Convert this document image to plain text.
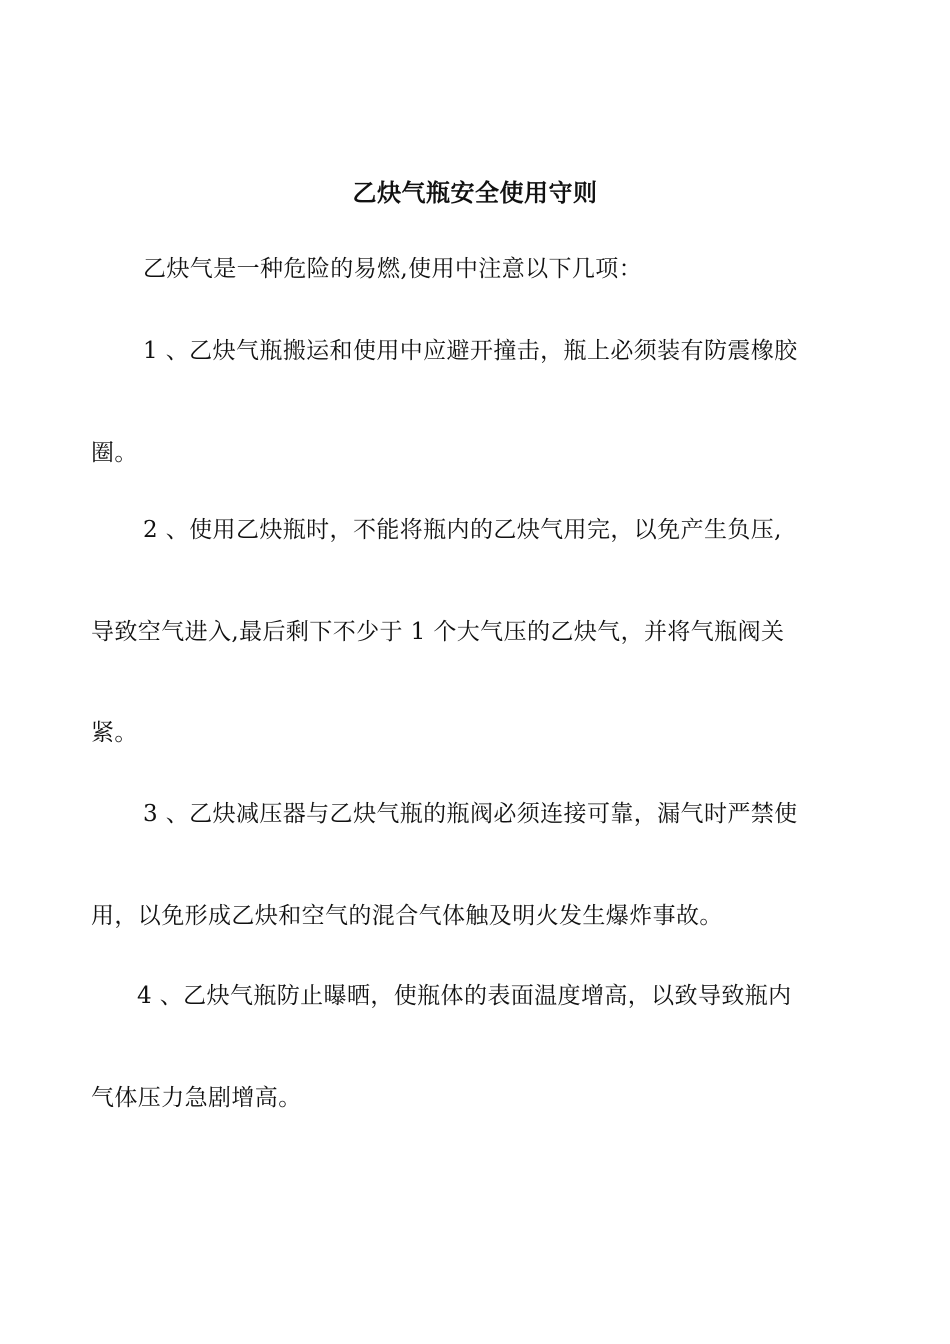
乙炔气瓶安全使用守则
乙炔气是一种危险的易燃,使用中注意以下几项：
1 、乙炔气瓶搬运和使用中应避开撞击，瓶上必须装有防震橡胶
圈。
2 、使用乙炔瓶时，不能将瓶内的乙炔气用完，以免产生负压,
导致空气进入,最后剩下不少于 1 个大气压的乙炔气，并将气瓶阀关
紧。
3 、乙炔减压器与乙炔气瓶的瓶阀必须连接可靠，漏气时严禁使
用，以免形成乙炔和空气的混合气体触及明火发生爆炸事故。
4 、乙炔气瓶防止曝晒，使瓶体的表面温度增高，以致导致瓶内
气体压力急剧增高。
